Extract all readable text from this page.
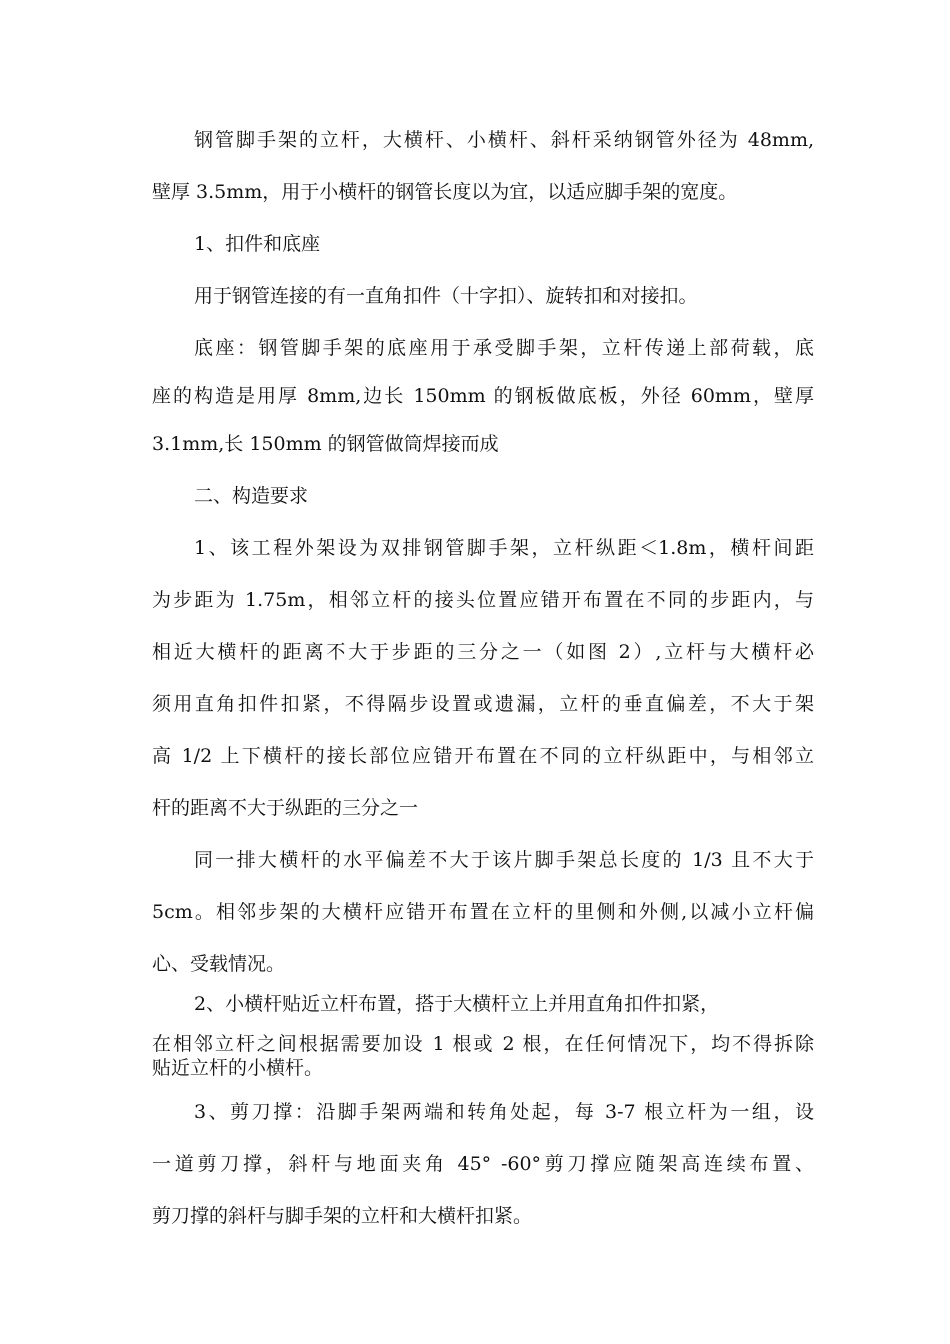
钢管脚手架的立杆，大横杆、小横杆、斜杆采纳钢管外径为 48mm,

壁厚 3.5mm，用于小横杆的钢管长度以为宜，以适应脚手架的宽度。

1、扣件和底座

用于钢管连接的有一直角扣件（十字扣）、旋转扣和对接扣。

底座：钢管脚手架的底座用于承受脚手架，立杆传递上部荷载，底

座的构造是用厚 8mm,边长 150mm 的钢板做底板，外径 60mm，壁厚

3.1mm,长 150mm 的钢管做筒焊接而成

二、构造要求

1、该工程外架设为双排钢管脚手架，立杆纵距＜1.8m，横杆间距

为步距为 1.75m，相邻立杆的接头位置应错开布置在不同的步距内，与

相近大横杆的距离不大于步距的三分之一（如图 2）,立杆与大横杆必

须用直角扣件扣紧，不得隔步设置或遗漏，立杆的垂直偏差，不大于架

高 1/2 上下横杆的接长部位应错开布置在不同的立杆纵距中，与相邻立

杆的距离不大于纵距的三分之一

同一排大横杆的水平偏差不大于该片脚手架总长度的 1/3 且不大于

5cm。相邻步架的大横杆应错开布置在立杆的里侧和外侧,以减小立杆偏

心、受载情况。

2、小横杆贴近立杆布置，搭于大横杆立上并用直角扣件扣紧，

在相邻立杆之间根据需要加设 1 根或 2 根，在任何情况下，均不得拆除

贴近立杆的小横杆。

3、剪刀撑：沿脚手架两端和转角处起，每 3-7 根立杆为一组，设

一道剪刀撑，斜杆与地面夹角 45° -60°剪刀撑应随架高连续布置、

剪刀撑的斜杆与脚手架的立杆和大横杆扣紧。
